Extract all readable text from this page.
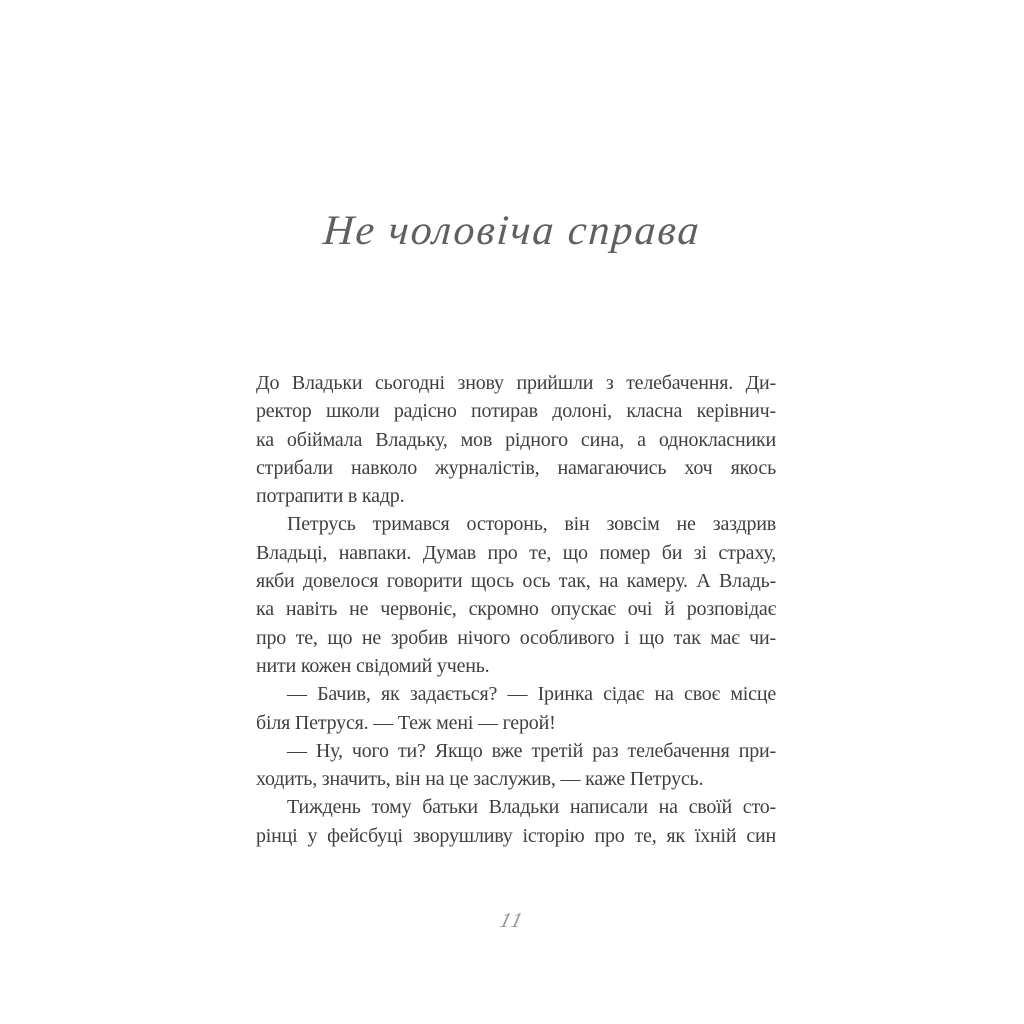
Не чоловіча справа
До Владьки сьогодні знову прийшли з телебачення. Ди-
ректор школи радісно потирав долоні, класна керівнич-
ка обіймала Владьку, мов рідного сина, а однокласники
стрибали навколо журналістів, намагаючись хоч якось
потрапити в кадр.
Петрусь тримався осторонь, він зовсім не заздрив
Владьці, навпаки. Думав про те, що помер би зі страху,
якби довелося говорити щось ось так, на камеру. А Владь-
ка навіть не червоніє, скромно опускає очі й розповідає
про те, що не зробив нічого особливого і що так має чи-
нити кожен свідомий учень.
— Бачив, як задається? — Іринка сідає на своє місце
біля Петруся. — Теж мені — герой!
— Ну, чого ти? Якщо вже третій раз телебачення при-
ходить, значить, він на це заслужив, — каже Петрусь.
Тиждень тому батьки Владьки написали на своїй сто-
рінці у фейсбуці зворушливу історію про те, як їхній син
11
